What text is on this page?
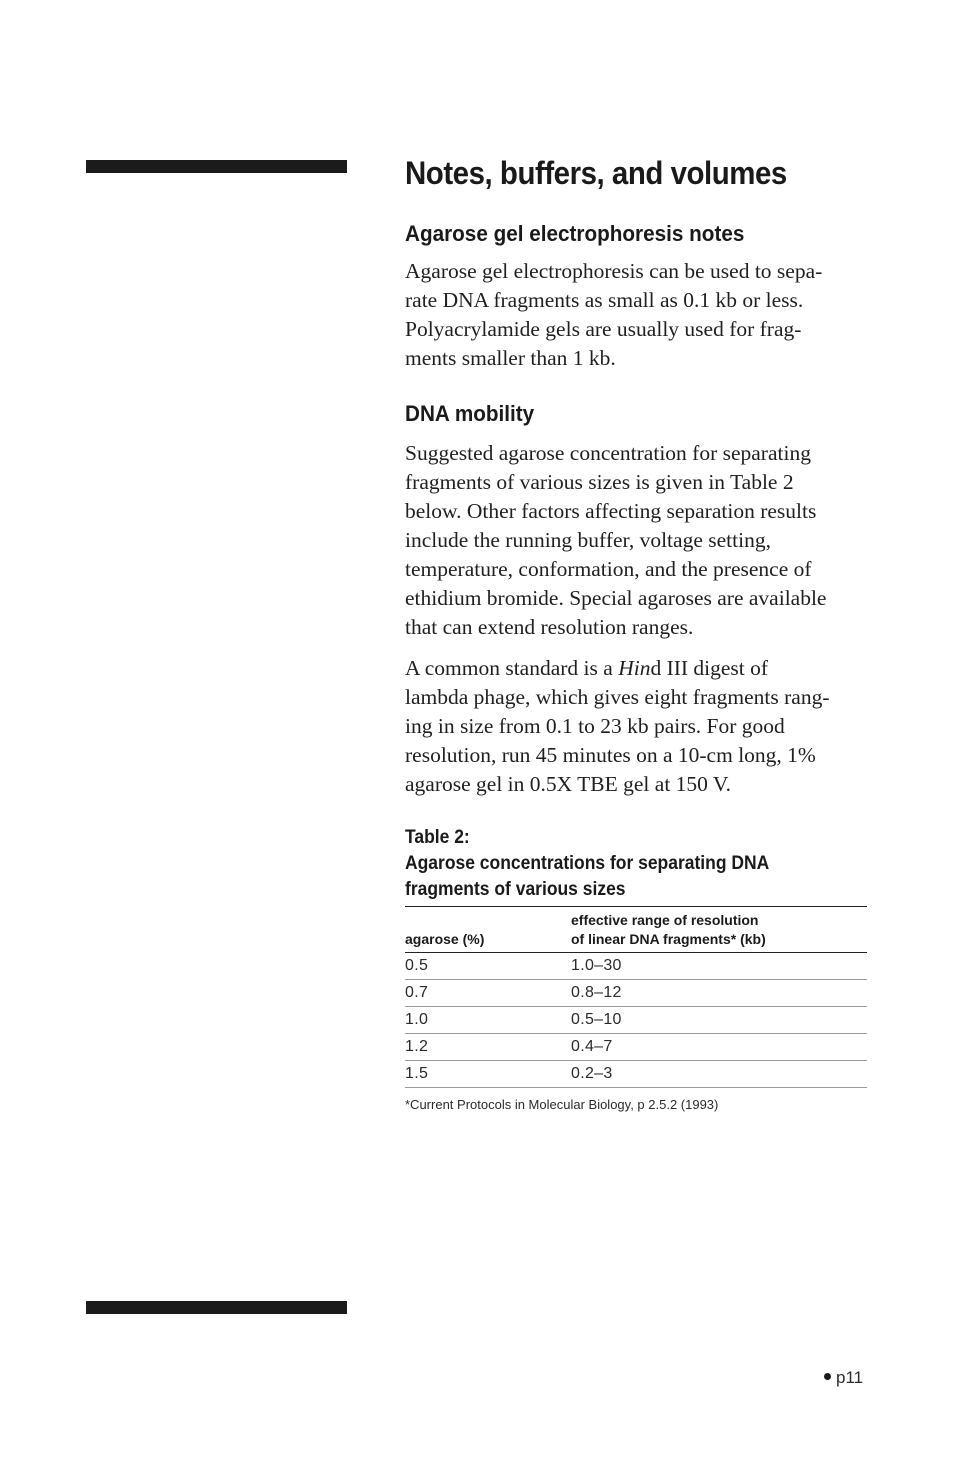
Notes, buffers, and volumes
Agarose gel electrophoresis notes

Agarose gel electrophoresis can be used to sepa-
rate DNA fragments as small as 0.1 kb or less.
Polyacrylamide gels are usually used for frag-
ments smaller than 1 kb.

DNA mobility

Suggested agarose concentration for separating
fragments of various sizes is given in Table 2
below. Other factors affecting separation results
include the running buffer, voltage setting,
temperature, conformation, and the presence of
ethidium bromide. Special agaroses are available
that can extend resolution ranges.

A common standard is a Hind III digest of
lambda phage, which gives eight fragments rang-
ing in size from 0.1 to 23 kb pairs. For good
resolution, run 45 minutes on a 10-cm long, 1%
agarose gel in 0.5X TBE gel at 150 V.

Table 2:
Agarose concentrations for separating DNA
fragments of various sizes
agarose (%)	effective range of resolution
of linear DNA fragments* (kb)

0.5	1.0–30
0.7	0.8–12
1.0	0.5–10
1.2	0.4–7
1.5	0.2–3
*Current Protocols in Molecular Biology, p 2.5.2 (1993)
p11
